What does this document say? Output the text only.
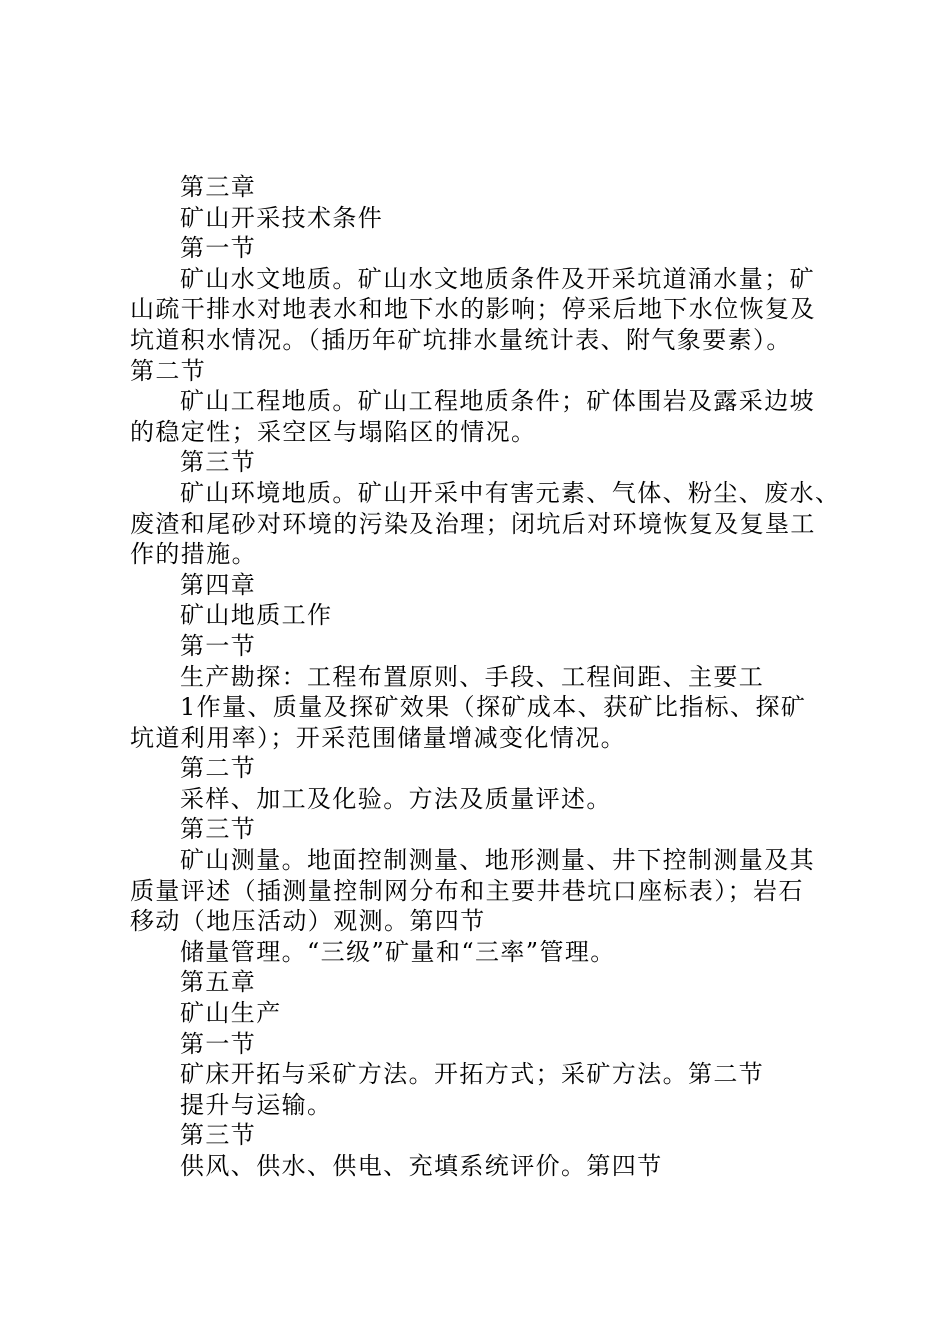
第三章
矿山开采技术条件
第一节
矿山水文地质。矿山水文地质条件及开采坑道涌水量；矿
山疏干排水对地表水和地下水的影响；停采后地下水位恢复及
坑道积水情况。（插历年矿坑排水量统计表、附气象要素）。
第二节
矿山工程地质。矿山工程地质条件；矿体围岩及露采边坡
的稳定性；采空区与塌陷区的情况。
第三节
矿山环境地质。矿山开采中有害元素、气体、粉尘、废水、
废渣和尾砂对环境的污染及治理；闭坑后对环境恢复及复垦工
作的措施。
第四章
矿山地质工作
第一节
生产勘探：工程布置原则、手段、工程间距、主要工
1作量、质量及探矿效果（探矿成本、获矿比指标、探矿
坑道利用率）；开采范围储量增减变化情况。
第二节
采样、加工及化验。方法及质量评述。
第三节
矿山测量。地面控制测量、地形测量、井下控制测量及其
质量评述（插测量控制网分布和主要井巷坑口座标表）；岩石
移动（地压活动）观测。第四节
储量管理。“三级”矿量和“三率”管理。
第五章
矿山生产
第一节
矿床开拓与采矿方法。开拓方式；采矿方法。第二节
提升与运输。
第三节
供风、供水、供电、充填系统评价。第四节
